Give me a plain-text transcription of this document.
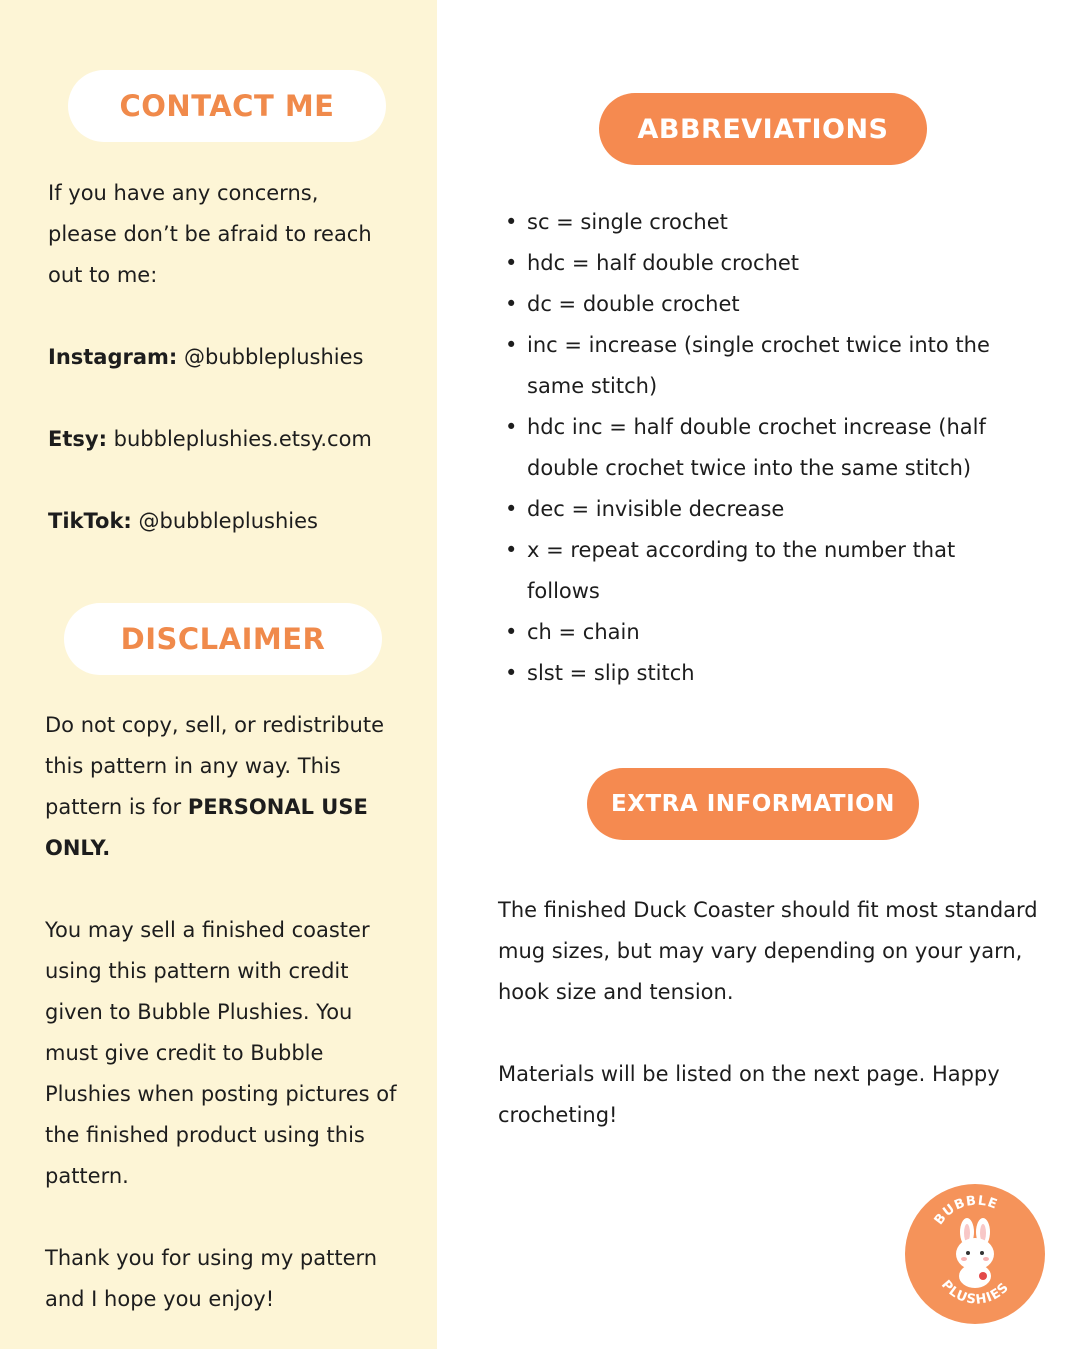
CONTACT ME
If you have any concerns, please don’t be afraid to reach out to me:
Instagram: @bubbleplushies
Etsy: bubbleplushies.etsy.com
TikTok: @bubbleplushies
DISCLAIMER
Do not copy, sell, or redistribute this pattern in any way. This pattern is for PERSONAL USE ONLY.
You may sell a finished coaster using this pattern with credit given to Bubble Plushies. You must give credit to Bubble Plushies when posting pictures of the finished product using this pattern.
Thank you for using my pattern and I hope you enjoy!
ABBREVIATIONS
• sc = single crochet
• hdc = half double crochet
• dc = double crochet
• inc = increase (single crochet twice into the same stitch)
• hdc inc = half double crochet increase (half double crochet twice into the same stitch)
• dec = invisible decrease
• x = repeat according to the number that follows
• ch = chain
• slst = slip stitch
EXTRA INFORMATION
The finished Duck Coaster should fit most standard mug sizes, but may vary depending on your yarn, hook size and tension.
Materials will be listed on the next page. Happy crocheting!
BUBBLE
PLUSHIES
